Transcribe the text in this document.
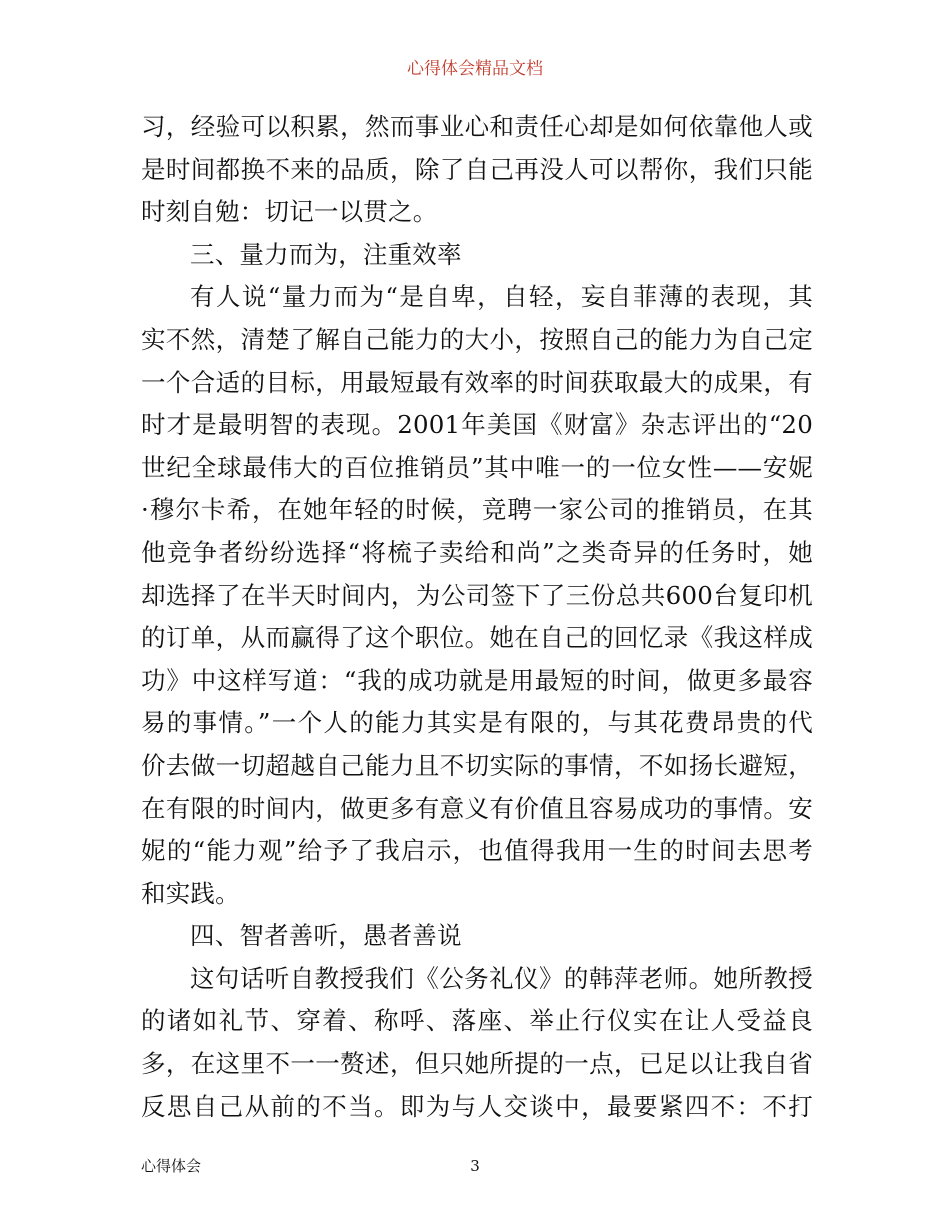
心得体会精品文档
习，经验可以积累，然而事业心和责任心却是如何依靠他人或
是时间都换不来的品质，除了自己再没人可以帮你，我们只能
时刻自勉：切记一以贯之。
三、量力而为，注重效率
有人说“量力而为“是自卑，自轻，妄自菲薄的表现，其
实不然，清楚了解自己能力的大小，按照自己的能力为自己定
一个合适的目标，用最短最有效率的时间获取最大的成果，有
时才是最明智的表现。2001年美国《财富》杂志评出的“20
世纪全球最伟大的百位推销员”其中唯一的一位女性——安妮
·穆尔卡希，在她年轻的时候，竞聘一家公司的推销员，在其
他竞争者纷纷选择“将梳子卖给和尚”之类奇异的任务时，她
却选择了在半天时间内，为公司签下了三份总共600台复印机
的订单，从而赢得了这个职位。她在自己的回忆录《我这样成
功》中这样写道：“我的成功就是用最短的时间，做更多最容
易的事情。”一个人的能力其实是有限的，与其花费昂贵的代
价去做一切超越自己能力且不切实际的事情，不如扬长避短，
在有限的时间内，做更多有意义有价值且容易成功的事情。安
妮的“能力观”给予了我启示，也值得我用一生的时间去思考
和实践。
四、智者善听，愚者善说
这句话听自教授我们《公务礼仪》的韩萍老师。她所教授
的诸如礼节、穿着、称呼、落座、举止行仪实在让人受益良
多，在这里不一一赘述，但只她所提的一点，已足以让我自省
反思自己从前的不当。即为与人交谈中，最要紧四不：不打
心得体会	3
